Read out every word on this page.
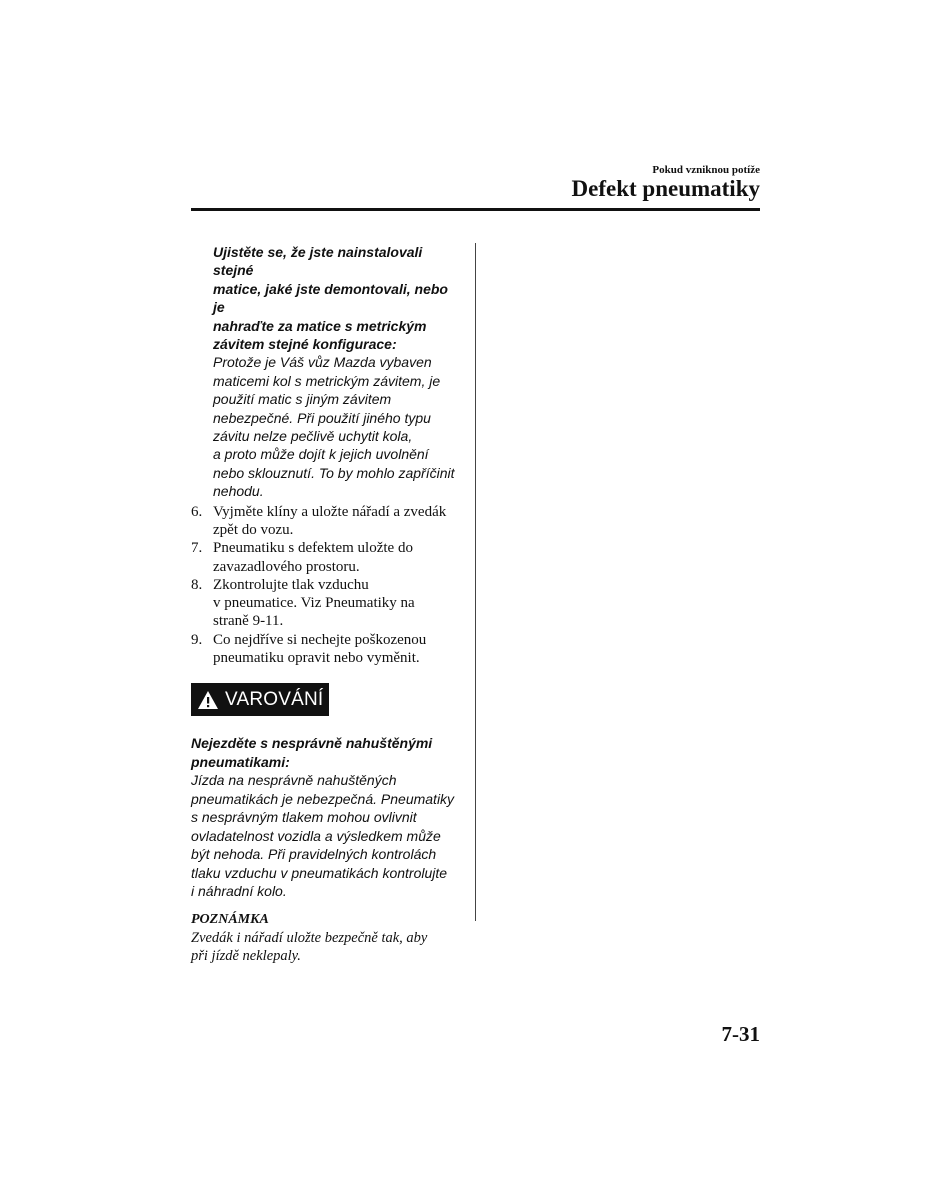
Pokud vzniknou potíže
Defekt pneumatiky
Ujistěte se, že jste nainstalovali stejné
matice, jaké jste demontovali, nebo je
nahraďte za matice s metrickým
závitem stejné konfigurace:
Protože je Váš vůz Mazda vybaven
maticemi kol s metrickým závitem, je
použití matic s jiným závitem
nebezpečné. Při použití jiného typu
závitu nelze pečlivě uchytit kola,
a proto může dojít k jejich uvolnění
nebo sklouznutí. To by mohlo zapříčinit
nehodu.
6. Vyjměte klíny a uložte nářadí a zvedák
zpět do vozu.
7. Pneumatiku s defektem uložte do
zavazadlového prostoru.
8. Zkontrolujte tlak vzduchu
v pneumatice. Viz Pneumatiky na
straně 9-11.
9. Co nejdříve si nechejte poškozenou
pneumatiku opravit nebo vyměnit.
VAROVÁNÍ
Nejezděte s nesprávně nahuštěnými
pneumatikami:
Jízda na nesprávně nahuštěných
pneumatikách je nebezpečná. Pneumatiky
s nesprávným tlakem mohou ovlivnit
ovladatelnost vozidla a výsledkem může
být nehoda. Při pravidelných kontrolách
tlaku vzduchu v pneumatikách kontrolujte
i náhradní kolo.
POZNÁMKA
Zvedák i nářadí uložte bezpečně tak, aby
při jízdě neklepaly.
7-31
